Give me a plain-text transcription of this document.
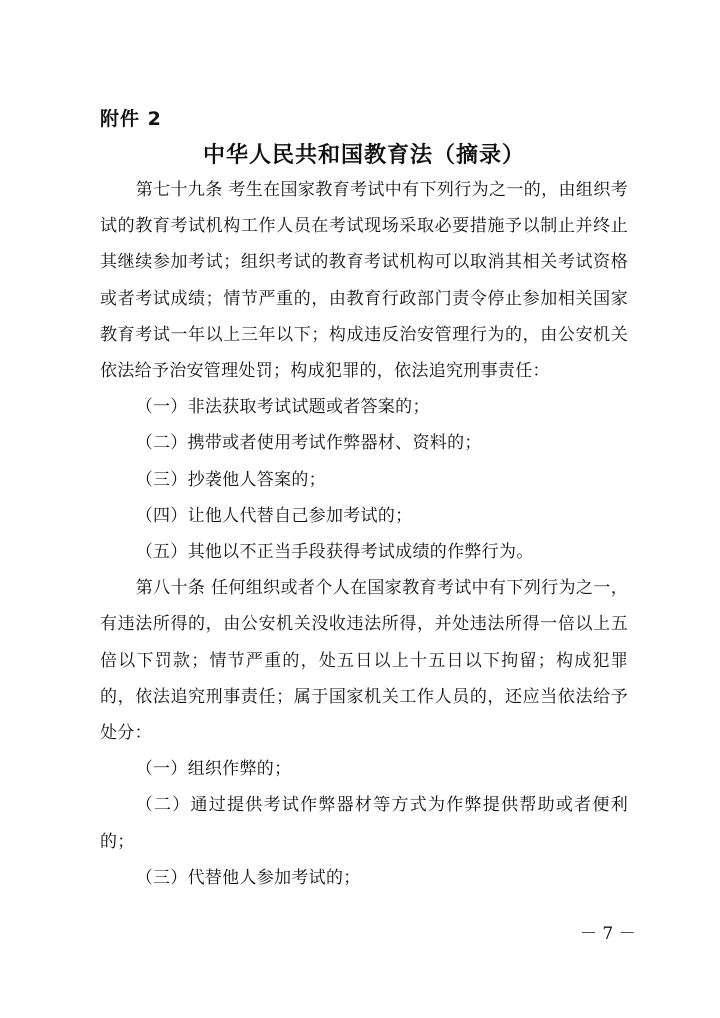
附件 2
中华人民共和国教育法（摘录）

第七十九条 考生在国家教育考试中有下列行为之一的，由组织考试的教育考试机构工作人员在考试现场采取必要措施予以制止并终止其继续参加考试；组织考试的教育考试机构可以取消其相关考试资格或者考试成绩；情节严重的，由教育行政部门责令停止参加相关国家教育考试一年以上三年以下；构成违反治安管理行为的，由公安机关依法给予治安管理处罚；构成犯罪的，依法追究刑事责任：

（一）非法获取考试试题或者答案的；

（二）携带或者使用考试作弊器材、资料的；

（三）抄袭他人答案的；

（四）让他人代替自己参加考试的；

（五）其他以不正当手段获得考试成绩的作弊行为。

第八十条 任何组织或者个人在国家教育考试中有下列行为之一，有违法所得的，由公安机关没收违法所得，并处违法所得一倍以上五倍以下罚款；情节严重的，处五日以上十五日以下拘留；构成犯罪的，依法追究刑事责任；属于国家机关工作人员的，还应当依法给予处分：

（一）组织作弊的；

（二）通过提供考试作弊器材等方式为作弊提供帮助或者便利的；

（三）代替他人参加考试的；

－ 7 －
